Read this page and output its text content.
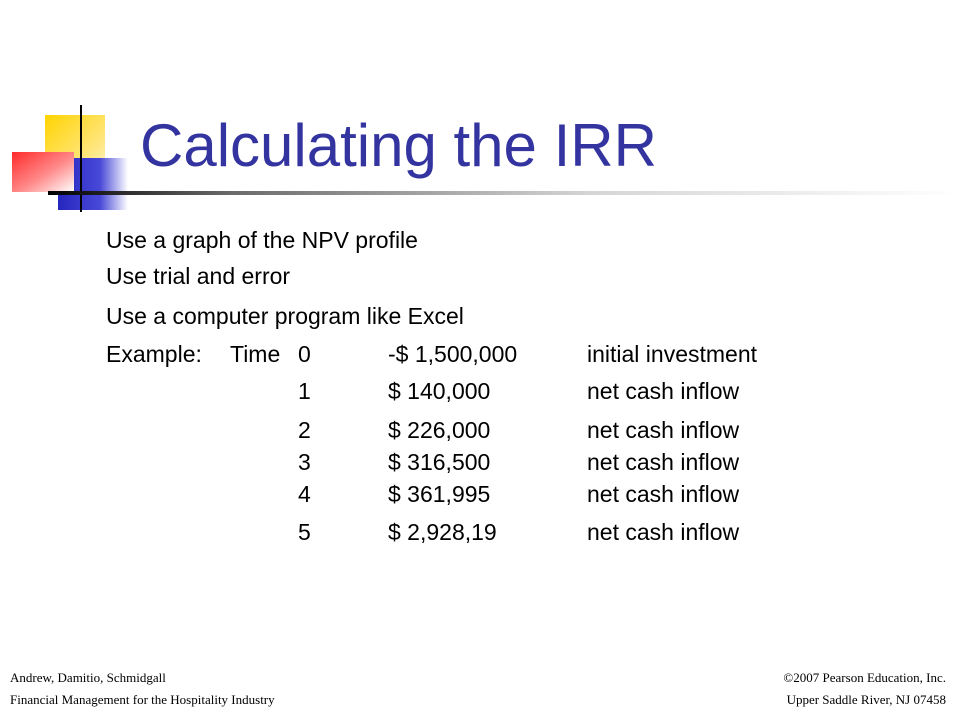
Calculating the IRR
Use a graph of the NPV profile
Use trial and error
Use a computer program like Excel
Example: Time 0	-$ 1,500,000	initial investment
1	$ 140,000	net cash inflow
2	$ 226,000	net cash inflow
3	$ 316,500	net cash inflow
4	$ 361,995	net cash inflow
5	$ 2,928,19	net cash inflow
Andrew, Damitio, Schmidgall
Financial Management for the Hospitality Industry
©2007 Pearson Education, Inc.
Upper Saddle River, NJ 07458
